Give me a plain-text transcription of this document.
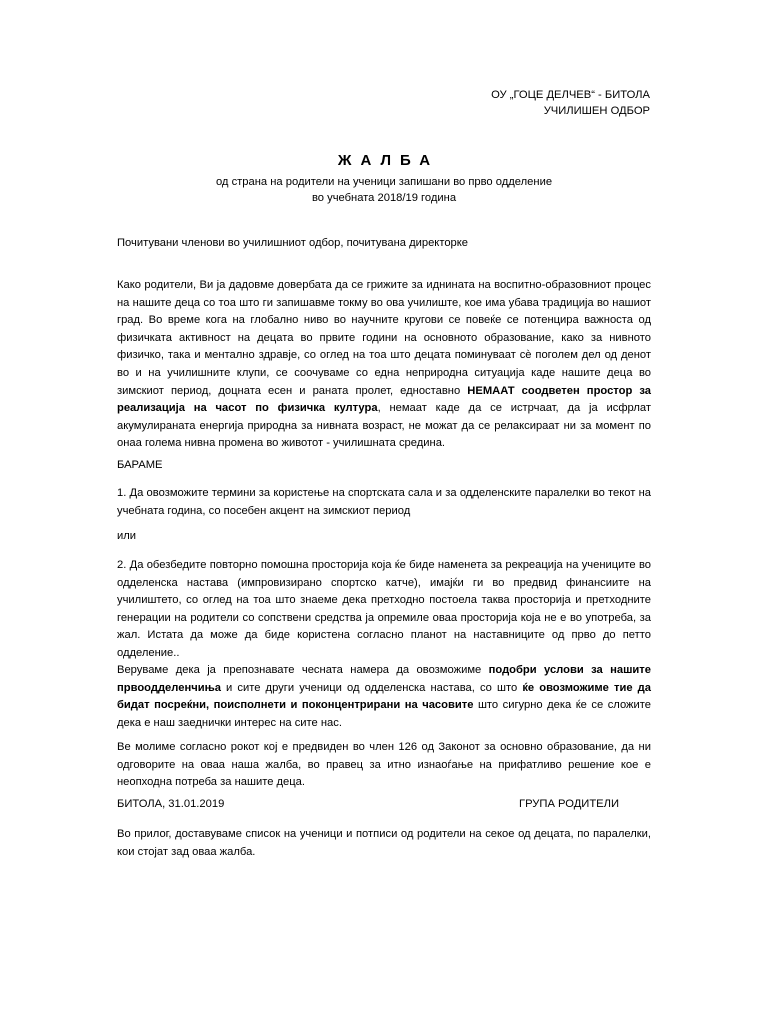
ОУ „ГОЦЕ ДЕЛЧЕВ“ - БИТОЛА
УЧИЛИШЕН ОДБОР
ЖАЛБА
од страна на родители на ученици запишани во прво одделение
во учебната 2018/19 година
Почитувани членови во училишниот одбор, почитувана директорке

Како родители, Ви ја дадовме довербата да се грижите за иднината на воспитно-образовниот процес на нашите деца со тоа што ги запишавме токму во ова училиште, кое има убава традиција во нашиот град. Во време кога на глобално ниво во научните кругови се повеќе се потенцира важноста од физичката активност на децата во првите години на основното образование, како за нивното физичко, така и ментално здравје, со оглед на тоа што децата поминуваат сѐ поголем дел од денот во и на училишните клупи, се соочуваме со една неприродна ситуација каде нашите деца во зимскиот период, доцната есен и раната пролет, едноставно НЕМААТ соодветен простор за реализација на часот по физичка култура, немаат каде да се истрчаат, да ја исфрлат акумулираната енергија природна за нивната возраст, не можат да се релаксираат ни за момент по онаа голема нивна промена во животот - училишната средина.

БАРАМЕ
1. Да овозможите термини за користење на спортската сала и за одделенските паралелки во текот на учебната година, со посебен акцент на зимскиот период
или
2. Да обезбедите повторно помошна просторија која ќе биде наменета за рекреација на учениците во одделенска настава (импровизирано спортско катче), имајќи ги во предвид финансиите на училиштето, со оглед на тоа што знаеме дека претходно постоела таква просторија и претходните генерации на родители со сопствени средства ја опремиле оваа просторија која не е во употреба, за жал. Истата да може да биде користена согласно планот на наставниците од прво до петто одделение..

Веруваме дека ја препознавате чесната намера да овозможиме подобри услови за нашите првоодделенчиња и сите други ученици од одделенска настава, со што ќе овозможиме тие да бидат посреќни, поисполнети и поконцентрирани на часовите што сигурно дека ќе се сложите дека е наш заеднички интерес на сите нас.

Ве молиме согласно рокот кој е предвиден во член 126 од Законот за основно образование, да ни одговорите на оваа наша жалба, во правец за итно изнаоѓање на прифатливо решение кое е неопходна потреба за нашите деца.
БИТОЛА, 31.01.2019	ГРУПА РОДИТЕЛИ
Во прилог, доставуваме список на ученици и потписи од родители на секое од децата, по паралелки, кои стојат зад оваа жалба.
